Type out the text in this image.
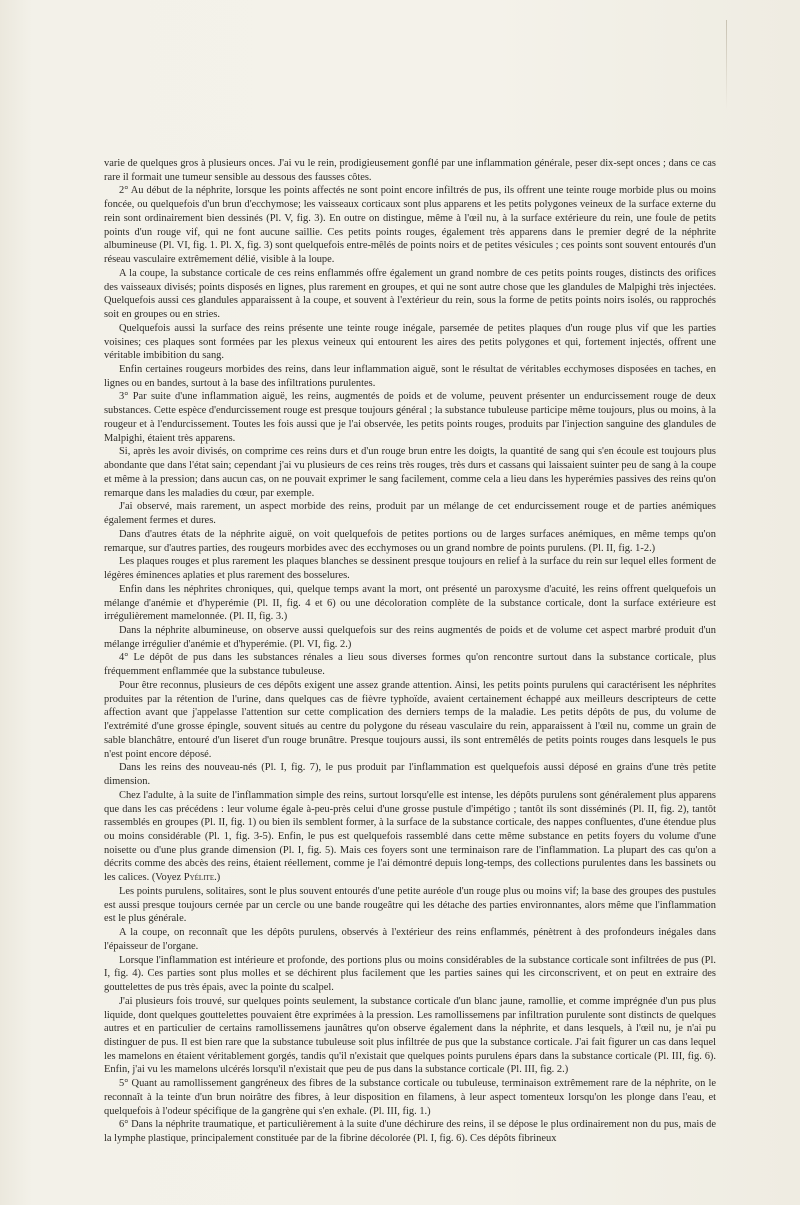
varie de quelques gros à plusieurs onces. J'ai vu le rein, prodigieusement gonflé par une inflammation générale, peser dix-sept onces ; dans ce cas rare il formait une tumeur sensible au dessous des fausses côtes.

2° Au début de la néphrite, lorsque les points affectés ne sont point encore infiltrés de pus, ils offrent une teinte rouge morbide plus ou moins foncée, ou quelquefois d'un brun d'ecchymose; les vaisseaux corticaux sont plus apparens et les petits polygones veineux de la surface externe du rein sont ordinairement bien dessinés (Pl. V, fig. 3). En outre on distingue, même à l'œil nu, à la surface extérieure du rein, une foule de petits points d'un rouge vif, qui ne font aucune saillie. Ces petits points rouges, également très apparens dans le premier degré de la néphrite albumineuse (Pl. VI, fig. 1. Pl. X, fig. 3) sont quelquefois entre-mêlés de points noirs et de petites vésicules ; ces points sont souvent entourés d'un réseau vasculaire extrêmement délié, visible à la loupe.

A la coupe, la substance corticale de ces reins enflammés offre également un grand nombre de ces petits points rouges, distincts des orifices des vaisseaux divisés; points disposés en lignes, plus rarement en groupes, et qui ne sont autre chose que les glandules de Malpighi très injectées. Quelquefois aussi ces glandules apparaissent à la coupe, et souvent à l'extérieur du rein, sous la forme de petits points noirs isolés, ou rapprochés soit en groupes ou en stries.

Quelquefois aussi la surface des reins présente une teinte rouge inégale, parsemée de petites plaques d'un rouge plus vif que les parties voisines; ces plaques sont formées par les plexus veineux qui entourent les aires des petits polygones et qui, fortement injectés, offrent une véritable imbibition du sang.

Enfin certaines rougeurs morbides des reins, dans leur inflammation aiguë, sont le résultat de véritables ecchymoses disposées en taches, en lignes ou en bandes, surtout à la base des infiltrations purulentes.

3° Par suite d'une inflammation aiguë, les reins, augmentés de poids et de volume, peuvent présenter un endurcissement rouge de deux substances. Cette espèce d'endurcissement rouge est presque toujours général ; la substance tubuleuse participe même toujours, plus ou moins, à la rougeur et à l'endurcissement. Toutes les fois aussi que je l'ai observée, les petits points rouges, produits par l'injection sanguine des glandules de Malpighi, étaient très apparens.

Si, après les avoir divisés, on comprime ces reins durs et d'un rouge brun entre les doigts, la quantité de sang qui s'en écoule est toujours plus abondante que dans l'état sain; cependant j'ai vu plusieurs de ces reins très rouges, très durs et cassans qui laissaient suinter peu de sang à la coupe et même à la pression; dans aucun cas, on ne pouvait exprimer le sang facilement, comme cela a lieu dans les hyperémies passives des reins qu'on remarque dans les maladies du cœur, par exemple.

J'ai observé, mais rarement, un aspect morbide des reins, produit par un mélange de cet endurcissement rouge et de parties anémiques également fermes et dures.

Dans d'autres états de la néphrite aiguë, on voit quelquefois de petites portions ou de larges surfaces anémiques, en même temps qu'on remarque, sur d'autres parties, des rougeurs morbides avec des ecchymoses ou un grand nombre de points purulens. (Pl. II, fig. 1-2.)

Les plaques rouges et plus rarement les plaques blanches se dessinent presque toujours en relief à la surface du rein sur lequel elles forment de légères éminences aplaties et plus rarement des bosselures.

Enfin dans les néphrites chroniques, qui, quelque temps avant la mort, ont présenté un paroxysme d'acuité, les reins offrent quelquefois un mélange d'anémie et d'hyperémie (Pl. II, fig. 4 et 6) ou une décoloration complète de la substance corticale, dont la surface extérieure est irrégulièrement mamelonnée. (Pl. II, fig. 3.)

Dans la néphrite albumineuse, on observe aussi quelquefois sur des reins augmentés de poids et de volume cet aspect marbré produit d'un mélange irrégulier d'anémie et d'hyperémie. (Pl. VI, fig. 2.)

4° Le dépôt de pus dans les substances rénales a lieu sous diverses formes qu'on rencontre surtout dans la substance corticale, plus fréquemment enflammée que la substance tubuleuse.

Pour être reconnus, plusieurs de ces dépôts exigent une assez grande attention. Ainsi, les petits points purulens qui caractérisent les néphrites produites par la rétention de l'urine, dans quelques cas de fièvre typhoïde, avaient certainement échappé aux meilleurs descripteurs de cette affection avant que j'appelasse l'attention sur cette complication des derniers temps de la maladie. Les petits dépôts de pus, du volume de l'extrémité d'une grosse épingle, souvent situés au centre du polygone du réseau vasculaire du rein, apparaissent à l'œil nu, comme un grain de sable blanchâtre, entouré d'un liseret d'un rouge brunâtre. Presque toujours aussi, ils sont entremêlés de petits points rouges dans lesquels le pus n'est point encore déposé.

Dans les reins des nouveau-nés (Pl. I, fig. 7), le pus produit par l'inflammation est quelquefois aussi déposé en grains d'une très petite dimension.

Chez l'adulte, à la suite de l'inflammation simple des reins, surtout lorsqu'elle est intense, les dépôts purulens sont généralement plus apparens que dans les cas précédens : leur volume égale à-peu-près celui d'une grosse pustule d'impétigo ; tantôt ils sont disséminés (Pl. II, fig. 2), tantôt rassemblés en groupes (Pl. II, fig. 1) ou bien ils semblent former, à la surface de la substance corticale, des nappes confluentes, d'une étendue plus ou moins considérable (Pl. 1, fig. 3-5). Enfin, le pus est quelquefois rassemblé dans cette même substance en petits foyers du volume d'une noisette ou d'une plus grande dimension (Pl. I, fig. 5). Mais ces foyers sont une terminaison rare de l'inflammation. La plupart des cas qu'on a décrits comme des abcès des reins, étaient réellement, comme je l'ai démontré depuis long-temps, des collections purulentes dans les bassinets ou les calices. (Voyez Pyélite.)

Les points purulens, solitaires, sont le plus souvent entourés d'une petite auréole d'un rouge plus ou moins vif; la base des groupes des pustules est aussi presque toujours cernée par un cercle ou une bande rougeâtre qui les détache des parties environnantes, alors même que l'inflammation est le plus générale.

A la coupe, on reconnaît que les dépôts purulens, observés à l'extérieur des reins enflammés, pénètrent à des profondeurs inégales dans l'épaisseur de l'organe.

Lorsque l'inflammation est intérieure et profonde, des portions plus ou moins considérables de la substance corticale sont infiltrées de pus (Pl. I, fig. 4). Ces parties sont plus molles et se déchirent plus facilement que les parties saines qui les circonscrivent, et on peut en extraire des gouttelettes de pus très épais, avec la pointe du scalpel.

J'ai plusieurs fois trouvé, sur quelques points seulement, la substance corticale d'un blanc jaune, ramollie, et comme imprégnée d'un pus plus liquide, dont quelques gouttelettes pouvaient être exprimées à la pression. Les ramollissemens par infiltration purulente sont distincts de quelques autres et en particulier de certains ramollissemens jaunâtres qu'on observe également dans la néphrite, et dans lesquels, à l'œil nu, je n'ai pu distinguer de pus. Il est bien rare que la substance tubuleuse soit plus infiltrée de pus que la substance corticale. J'ai fait figurer un cas dans lequel les mamelons en étaient véritablement gorgés, tandis qu'il n'existait que quelques points purulens épars dans la substance corticale (Pl. III, fig. 6). Enfin, j'ai vu les mamelons ulcérés lorsqu'il n'existait que peu de pus dans la substance corticale (Pl. III, fig. 2.)

5° Quant au ramollissement gangréneux des fibres de la substance corticale ou tubuleuse, terminaison extrêmement rare de la néphrite, on le reconnaît à la teinte d'un brun noirâtre des fibres, à leur disposition en filamens, à leur aspect tomenteux lorsqu'on les plonge dans l'eau, et quelquefois à l'odeur spécifique de la gangrène qui s'en exhale. (Pl. III, fig. 1.)

6° Dans la néphrite traumatique, et particulièrement à la suite d'une déchirure des reins, il se dépose le plus ordinairement non du pus, mais de la lymphe plastique, principalement constituée par de la fibrine décolorée (Pl. I, fig. 6). Ces dépôts fibrineux
